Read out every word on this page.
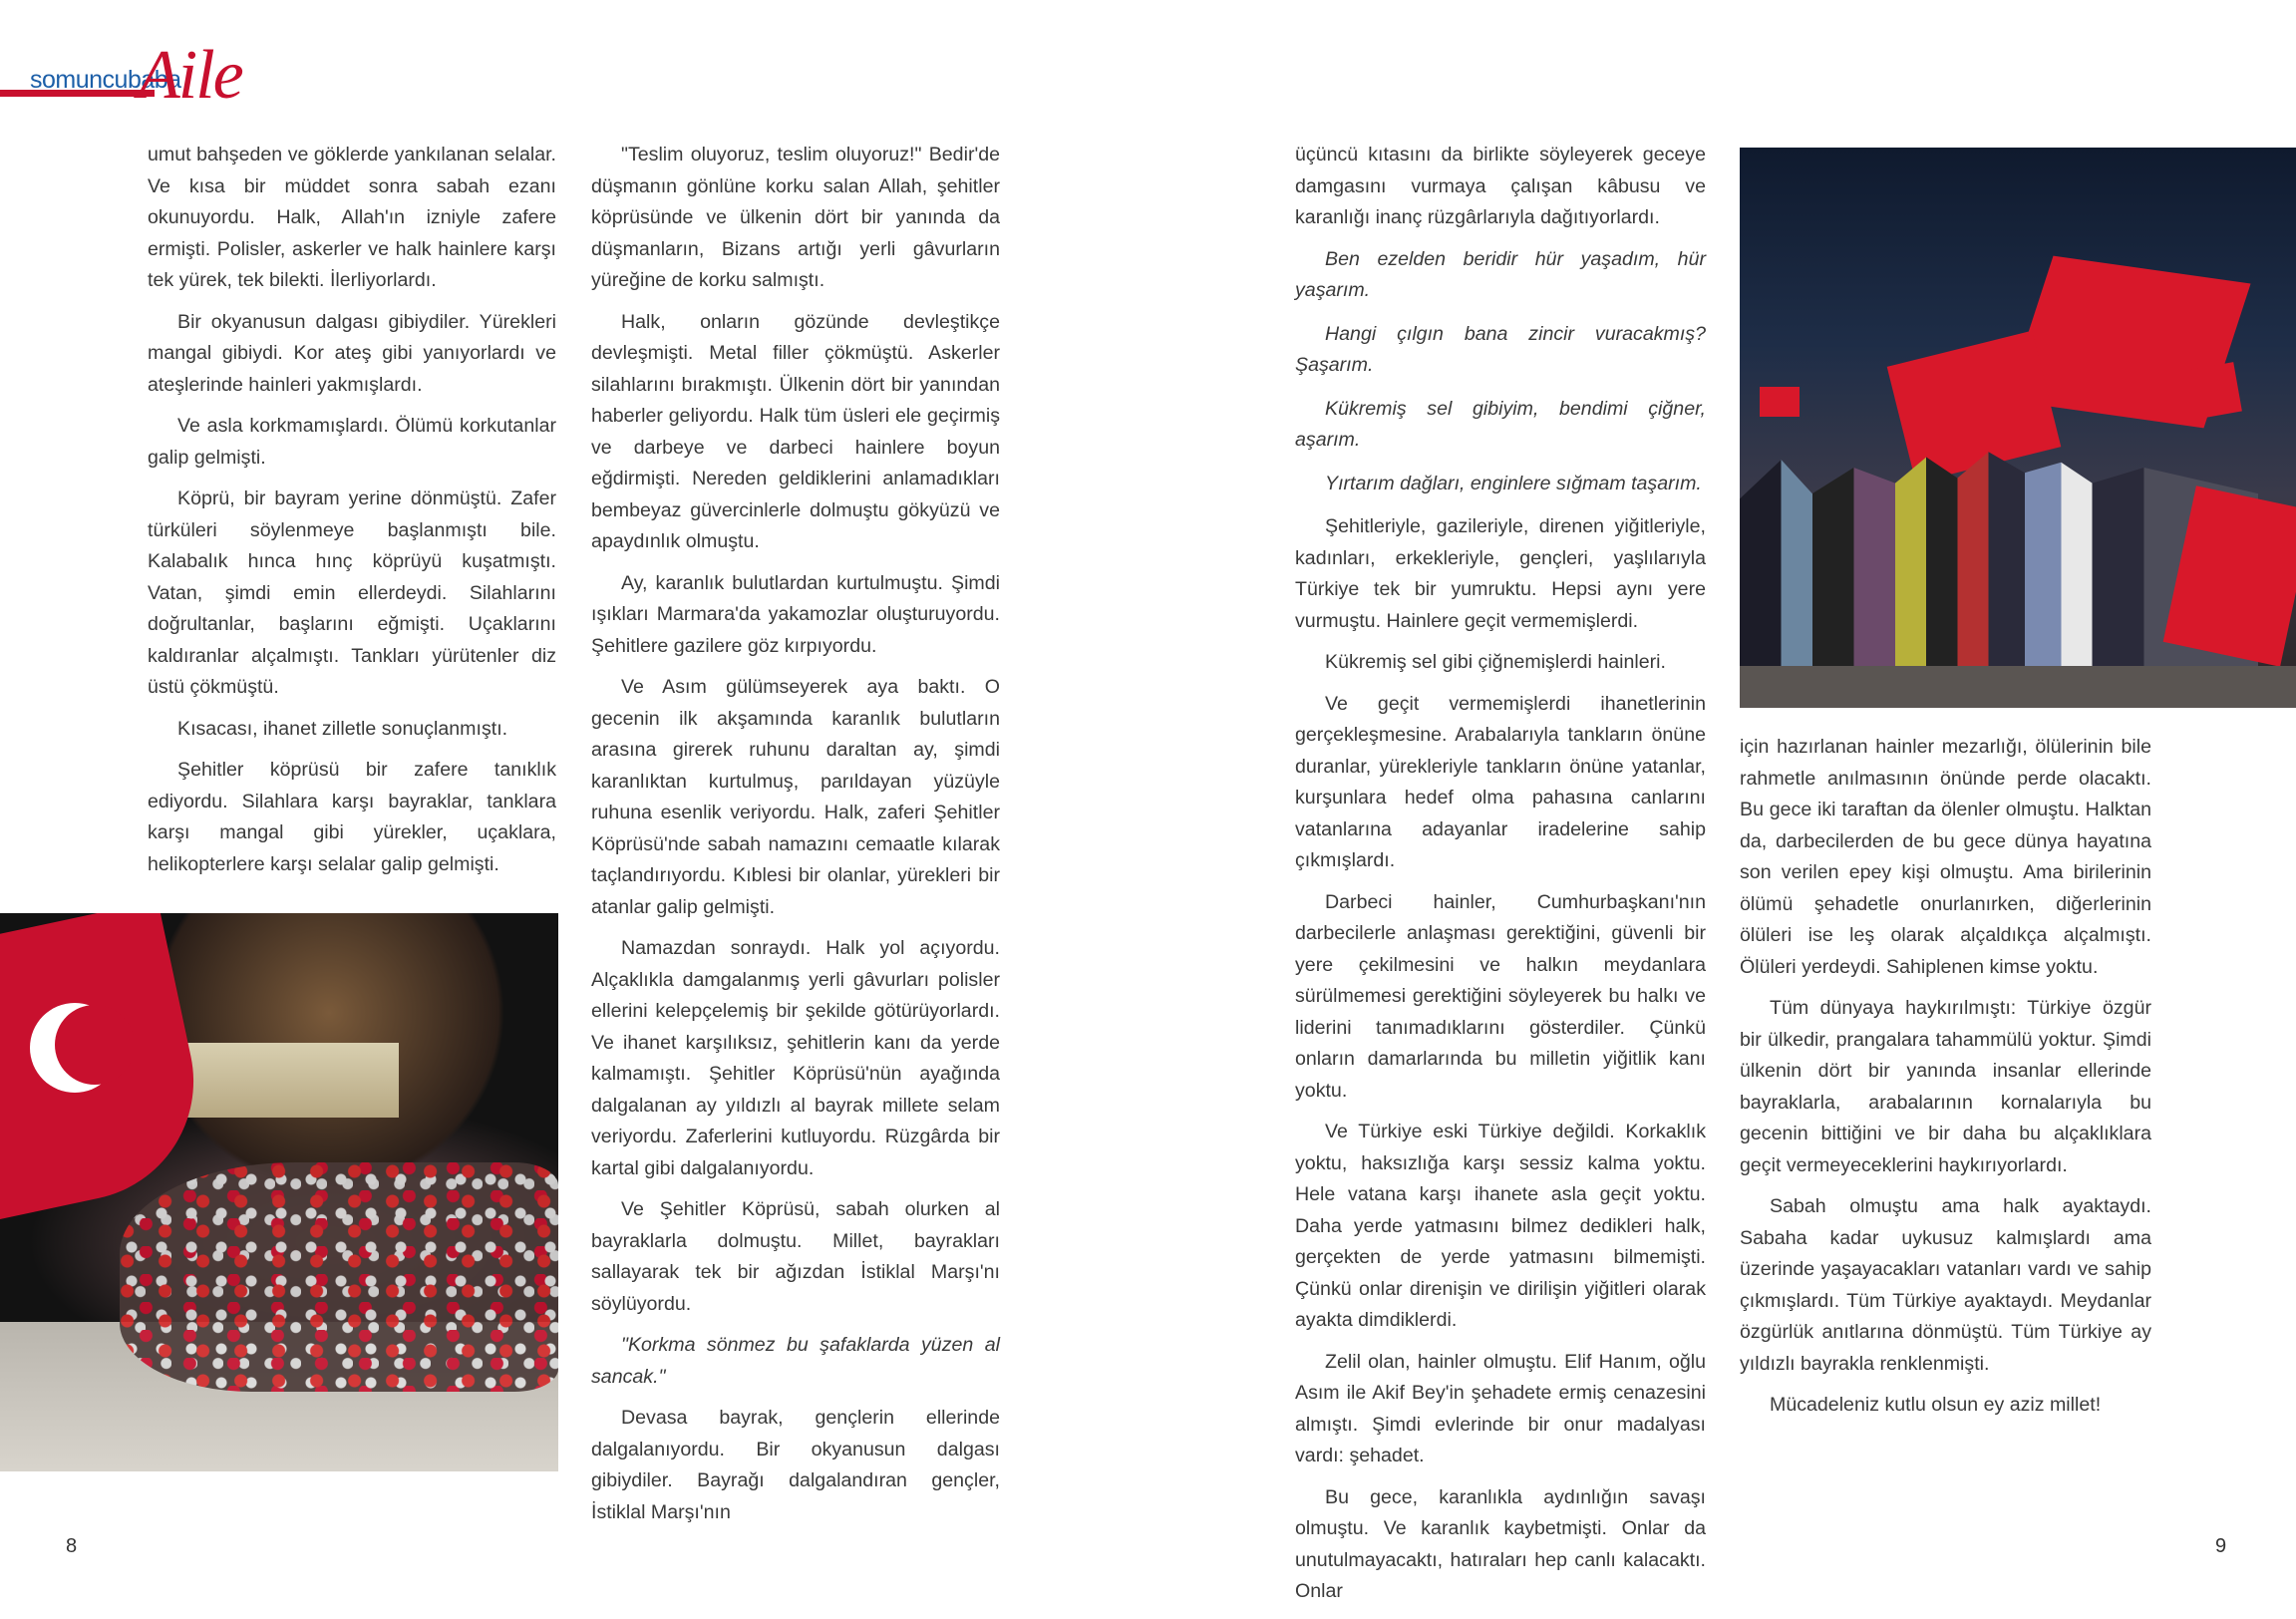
somuncubaba
Aile

umut bahşeden ve göklerde yankılanan selalar. Ve kısa bir müddet sonra sabah ezanı okunuyordu. Halk, Allah'ın izniyle zafere ermişti. Polisler, askerler ve halk hainlere karşı tek yürek, tek bilekti. İlerliyorlardı.

Bir okyanusun dalgası gibiydiler. Yürekleri mangal gibiydi. Kor ateş gibi yanıyorlardı ve ateşlerinde hainleri yakmışlardı.

Ve asla korkmamışlardı. Ölümü korkutanlar galip gelmişti.

Köprü, bir bayram yerine dönmüştü. Zafer türküleri söylenmeye başlanmıştı bile. Kalabalık hınca hınç köprüyü kuşatmıştı. Vatan, şimdi emin ellerdeydi. Silahlarını doğrultanlar, başlarını eğmişti. Uçaklarını kaldıranlar alçalmıştı. Tankları yürütenler diz üstü çökmüştü.

Kısacası, ihanet zilletle sonuçlanmıştı.

Şehitler köprüsü bir zafere tanıklık ediyordu. Silahlara karşı bayraklar, tanklara karşı mangal gibi yürekler, uçaklara, helikopterlere karşı selalar galip gelmişti.

"Teslim oluyoruz, teslim oluyoruz!" Bedir'de düşmanın gönlüne korku salan Allah, şehitler köprüsünde ve ülkenin dört bir yanında da düşmanların, Bizans artığı yerli gâvurların yüreğine de korku salmıştı.

Halk, onların gözünde devleştikçe devleşmişti. Metal filler çökmüştü. Askerler silahlarını bırakmıştı. Ülkenin dört bir yanından haberler geliyordu. Halk tüm üsleri ele geçirmiş ve darbeye ve darbeci hainlere boyun eğdirmişti. Nereden geldiklerini anlamadıkları bembeyaz güvercinlerle dolmuştu gökyüzü ve apaydınlık olmuştu.

Ay, karanlık bulutlardan kurtulmuştu. Şimdi ışıkları Marmara'da yakamozlar oluşturuyordu. Şehitlere gazilere göz kırpıyordu.

Ve Asım gülümseyerek aya baktı. O gecenin ilk akşamında karanlık bulutların arasına girerek ruhunu daraltan ay, şimdi karanlıktan kurtulmuş, parıldayan yüzüyle ruhuna esenlik veriyordu. Halk, zaferi Şehitler Köprüsü'nde sabah namazını cemaatle kılarak taçlandırıyordu. Kıblesi bir olanlar, yürekleri bir atanlar galip gelmişti.

Namazdan sonraydı. Halk yol açıyordu. Alçaklıkla damgalanmış yerli gâvurları polisler ellerini kelepçelemiş bir şekilde götürüyorlardı. Ve ihanet karşılıksız, şehitlerin kanı da yerde kalmamıştı. Şehitler Köprüsü'nün ayağında dalgalanan ay yıldızlı al bayrak millete selam veriyordu. Zaferlerini kutluyordu. Rüzgârda bir kartal gibi dalgalanıyordu.

Ve Şehitler Köprüsü, sabah olurken al bayraklarla dolmuştu. Millet, bayrakları sallayarak tek bir ağızdan İstiklal Marşı'nı söylüyordu.

"Korkma sönmez bu şafaklarda yüzen al sancak."

Devasa bayrak, gençlerin ellerinde dalgalanıyordu. Bir okyanusun dalgası gibiydiler. Bayrağı dalgalandıran gençler, İstiklal Marşı'nın

8

üçüncü kıtasını da birlikte söyleyerek geceye damgasını vurmaya çalışan kâbusu ve karanlığı inanç rüzgârlarıyla dağıtıyorlardı.

Ben ezelden beridir hür yaşadım, hür yaşarım.

Hangi çılgın bana zincir vuracakmış? Şaşarım.

Kükremiş sel gibiyim, bendimi çiğner, aşarım.

Yırtarım dağları, enginlere sığmam taşarım.

Şehitleriyle, gazileriyle, direnen yiğitleriyle, kadınları, erkekleriyle, gençleri, yaşlılarıyla Türkiye tek bir yumruktu. Hepsi aynı yere vurmuştu. Hainlere geçit vermemişlerdi.

Kükremiş sel gibi çiğnemişlerdi hainleri.

Ve geçit vermemişlerdi ihanetlerinin gerçekleşmesine. Arabalarıyla tankların önüne duranlar, yürekleriyle tankların önüne yatanlar, kurşunlara hedef olma pahasına canlarını vatanlarına adayanlar iradelerine sahip çıkmışlardı.

Darbeci hainler, Cumhurbaşkanı'nın darbecilerle anlaşması gerektiğini, güvenli bir yere çekilmesini ve halkın meydanlara sürülmemesi gerektiğini söyleyerek bu halkı ve liderini tanımadıklarını gösterdiler. Çünkü onların damarlarında bu milletin yiğitlik kanı yoktu.

Ve Türkiye eski Türkiye değildi. Korkaklık yoktu, haksızlığa karşı sessiz kalma yoktu. Hele vatana karşı ihanete asla geçit yoktu. Daha yerde yatmasını bilmez dedikleri halk, gerçekten de yerde yatmasını bilmemişti. Çünkü onlar direnişin ve dirilişin yiğitleri olarak ayakta dimdiklerdi.

Zelil olan, hainler olmuştu. Elif Hanım, oğlu Asım ile Akif Bey'in şehadete ermiş cenazesini almıştı. Şimdi evlerinde bir onur madalyası vardı: şehadet.

Bu gece, karanlıkla aydınlığın savaşı olmuştu. Ve karanlık kaybetmişti. Onlar da unutulmayacaktı, hatıraları hep canlı kalacaktı. Onlar

için hazırlanan hainler mezarlığı, ölülerinin bile rahmetle anılmasının önünde perde olacaktı. Bu gece iki taraftan da ölenler olmuştu. Halktan da, darbecilerden de bu gece dünya hayatına son verilen epey kişi olmuştu. Ama birilerinin ölümü şehadetle onurlanırken, diğerlerinin ölüleri ise leş olarak alçaldıkça alçalmıştı. Ölüleri yerdeydi. Sahiplenen kimse yoktu.

Tüm dünyaya haykırılmıştı: Türkiye özgür bir ülkedir, prangalara tahammülü yoktur. Şimdi ülkenin dört bir yanında insanlar ellerinde bayraklarla, arabalarının kornalarıyla bu gecenin bittiğini ve bir daha bu alçaklıklara geçit vermeyeceklerini haykırıyorlardı.

Sabah olmuştu ama halk ayaktaydı. Sabaha kadar uykusuz kalmışlardı ama üzerinde yaşayacakları vatanları vardı ve sahip çıkmışlardı. Tüm Türkiye ayaktaydı. Meydanlar özgürlük anıtlarına dönmüştü. Tüm Türkiye ay yıldızlı bayrakla renklenmişti.

Mücadeleniz kutlu olsun ey aziz millet!

9
